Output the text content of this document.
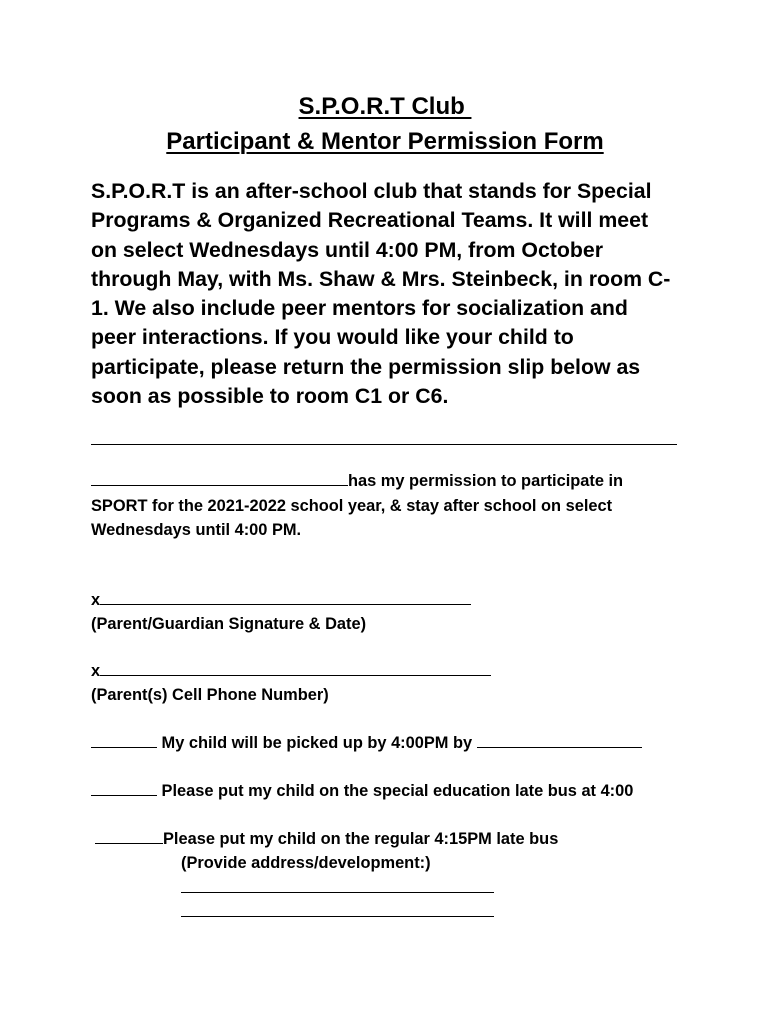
S.P.O.R.T Club
Participant & Mentor Permission Form
S.P.O.R.T is an after-school club that stands for Special
Programs & Organized Recreational Teams. It will meet
on select Wednesdays until 4:00 PM, from October
through May, with Ms. Shaw & Mrs. Steinbeck, in room C-
1. We also include peer mentors for socialization and
peer interactions. If you would like your child to
participate, please return the permission slip below as
soon as possible to room C1 or C6.
has my permission to participate in
SPORT for the 2021-2022 school year, & stay after school on select
Wednesdays until 4:00 PM.
x
(Parent/Guardian Signature & Date)
x
(Parent(s) Cell Phone Number)
My child will be picked up by 4:00PM by
Please put my child on the special education late bus at 4:00
Please put my child on the regular 4:15PM late bus
(Provide address/development:)
